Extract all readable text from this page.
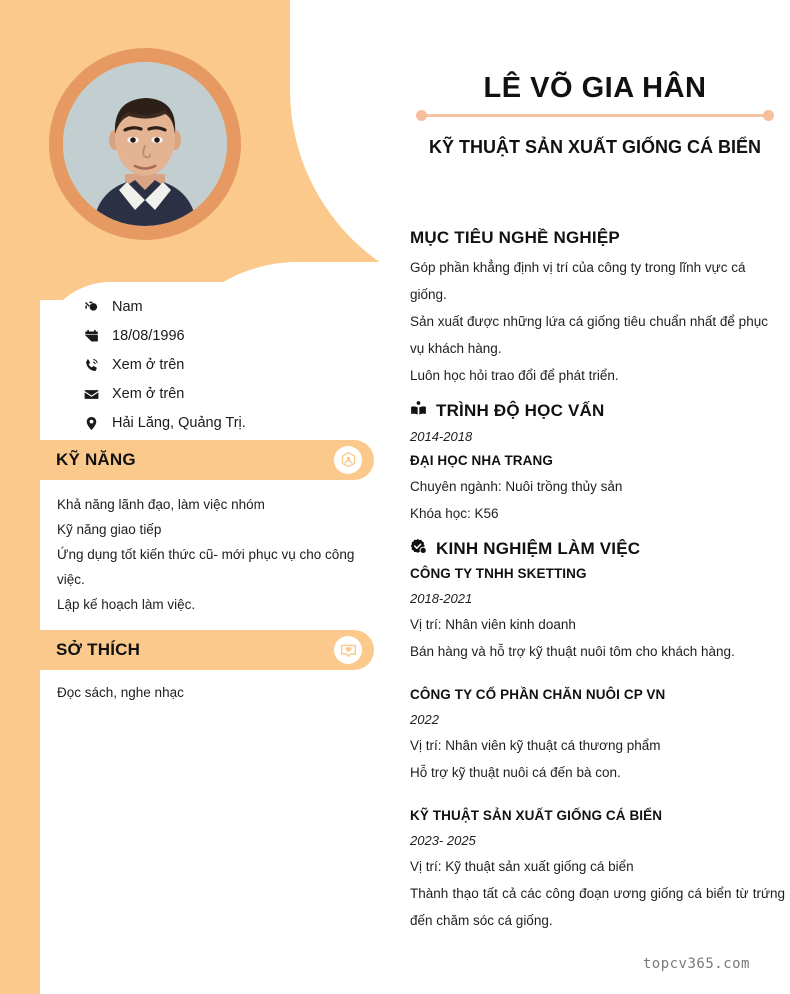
Nam
18/08/1996
Xem ở trên
Xem ở trên
Hải Lăng, Quảng Trị.
KỸ NĂNG

Khả năng lãnh đạo, làm việc nhóm

Kỹ năng giao tiếp

Ứng dụng tốt kiến thức cũ- mới phục vụ cho công việc.

Lập kế hoạch làm việc.

SỞ THÍCH

Đọc sách, nghe nhạc

LÊ VÕ GIA HÂN
KỸ THUẬT SẢN XUẤT GIỐNG CÁ BIỂN
MỤC TIÊU NGHỀ NGHIỆP

Góp phần khẳng định vị trí của công ty trong lĩnh vực cá giống.

Sản xuất được những lứa cá giống tiêu chuẩn nhất để phục vụ khách hàng.

Luôn học hỏi trao đổi để phát triển.

TRÌNH ĐỘ HỌC VẤN
2014-2018
ĐẠI HỌC NHA TRANG
Chuyên ngành: Nuôi trồng thủy sản
Khóa học: K56
KINH NGHIỆM LÀM VIỆC
CÔNG TY TNHH SKETTING
2018-2021
Vị trí: Nhân viên kinh doanh
Bán hàng và hỗ trợ kỹ thuật nuôi tôm cho khách hàng.
CÔNG TY CỔ PHẦN CHĂN NUÔI CP VN
2022
Vị trí: Nhân viên kỹ thuật cá thương phẩm
Hỗ trợ kỹ thuật nuôi cá đến bà con.
KỸ THUẬT SẢN XUẤT GIỐNG CÁ BIỂN
2023- 2025
Vị trí: Kỹ thuật sản xuất giống cá biển
Thành thạo tất cả các công đoạn ương giống cá biển từ trứng đến chăm sóc cá giống.
topcv365.com
